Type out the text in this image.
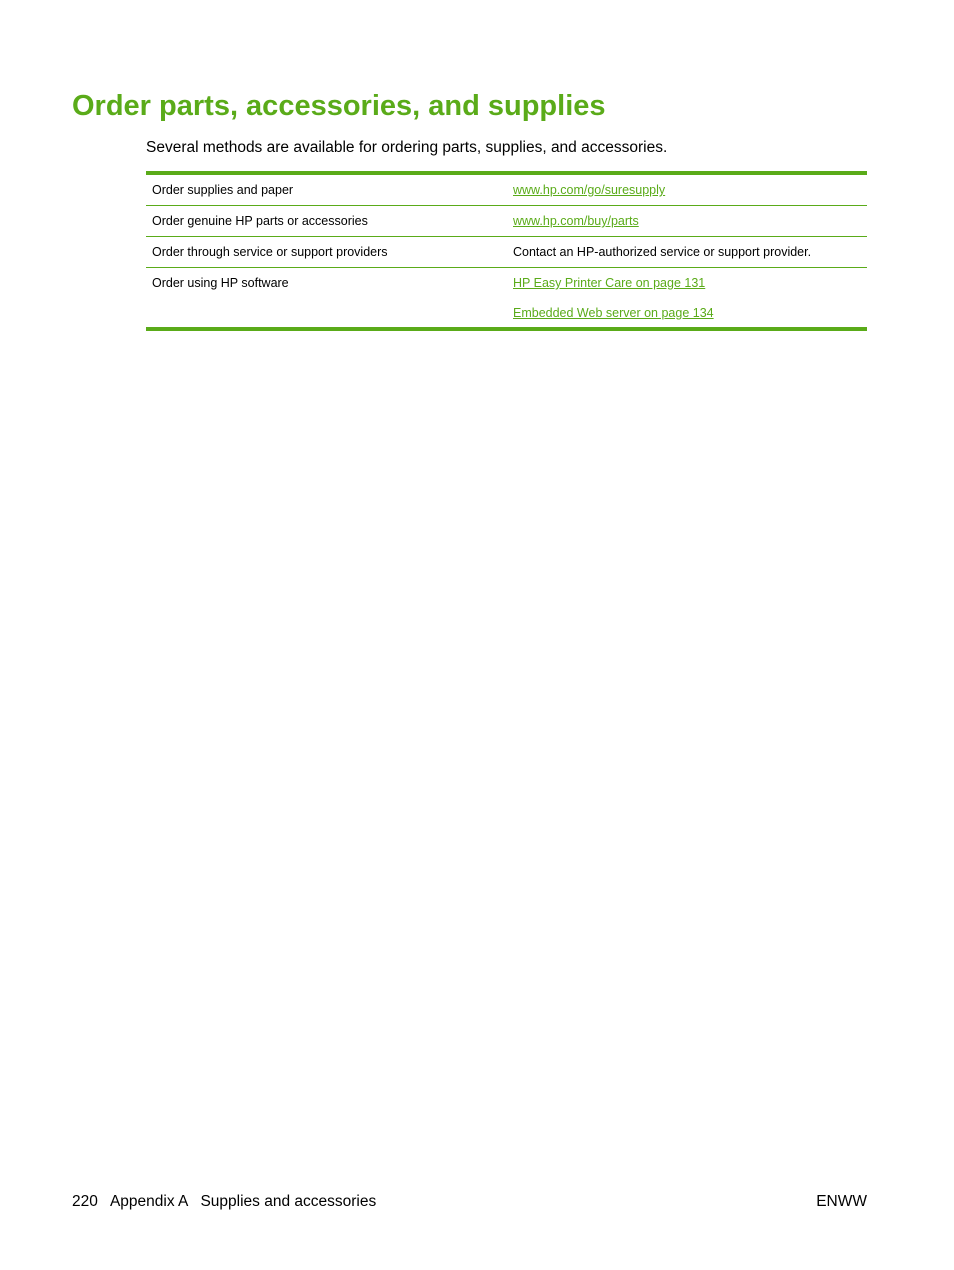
Order parts, accessories, and supplies

Several methods are available for ordering parts, supplies, and accessories.

Order supplies and paper	www.hp.com/go/suresupply
Order genuine HP parts or accessories	www.hp.com/buy/parts
Order through service or support providers	Contact an HP-authorized service or support provider.
Order using HP software	HP Easy Printer Care on page 131
Embedded Web server on page 134
220 Appendix A   Supplies and accessories	ENWW
